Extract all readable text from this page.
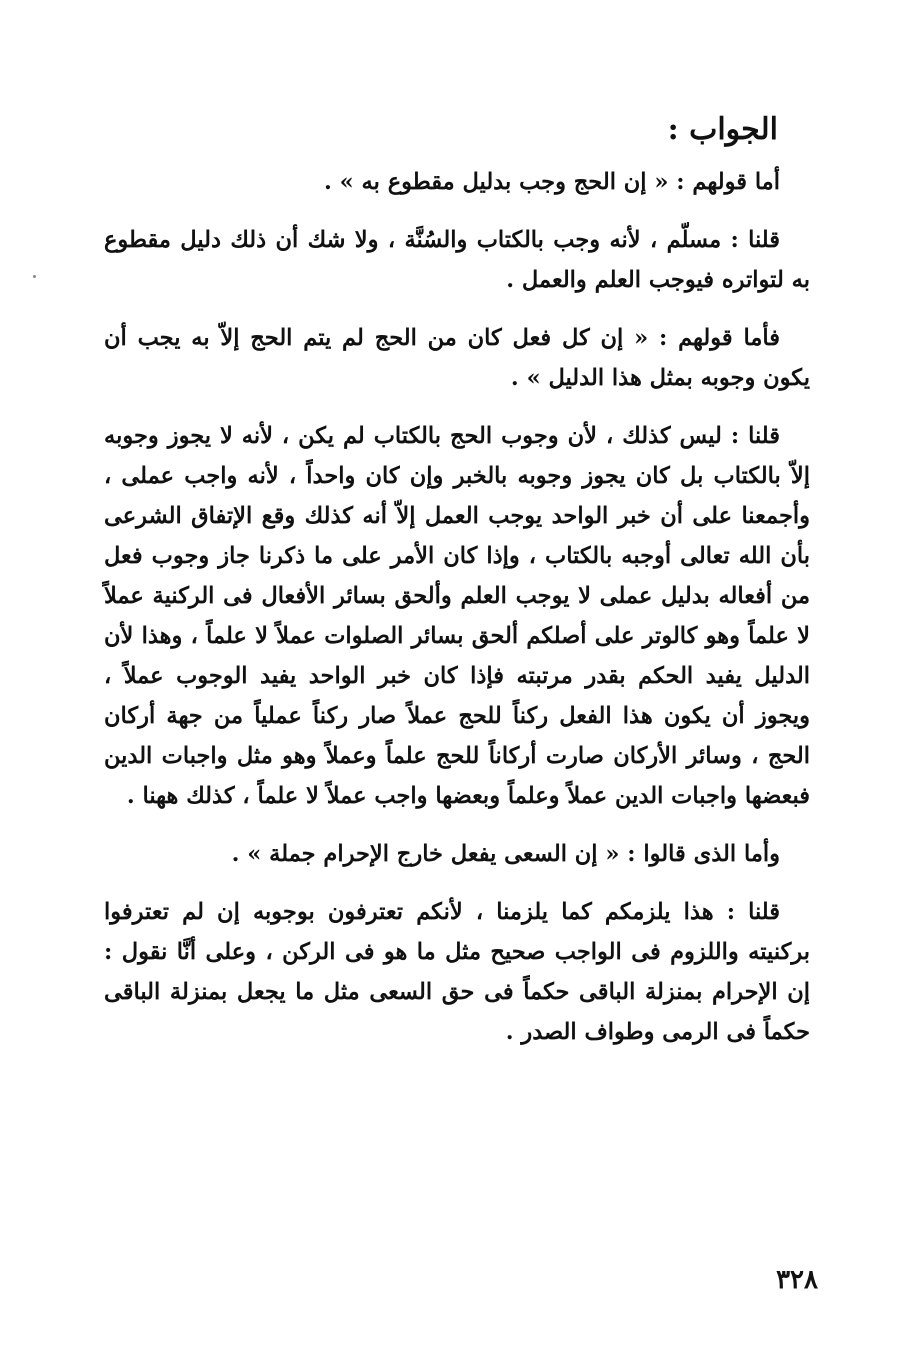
الجواب :

أما قولهم : « إن الحج وجب بدليل مقطوع به » .

قلنا : مسلّم ، لأنه وجب بالكتاب والسُنَّة ، ولا شك أن ذلك دليل مقطوع به لتواتره فيوجب العلم والعمل .

فأما قولهم : « إن كل فعل كان من الحج لم يتم الحج إلاّ به يجب أن يكون وجوبه بمثل هذا الدليل » .

قلنا : ليس كذلك ، لأن وجوب الحج بالكتاب لم يكن ، لأنه لا يجوز وجوبه إلاّ بالكتاب بل كان يجوز وجوبه بالخبر وإن كان واحداً ، لأنه واجب عملى ، وأجمعنا على أن خبر الواحد يوجب العمل إلاّ أنه كذلك وقع الإتفاق الشرعى بأن الله تعالى أوجبه بالكتاب ، وإذا كان الأمر على ما ذكرنا جاز وجوب فعل من أفعاله بدليل عملى لا يوجب العلم وألحق بسائر الأفعال فى الركنية عملاً لا علماً وهو كالوتر على أصلكم ألحق بسائر الصلوات عملاً لا علماً ، وهذا لأن الدليل يفيد الحكم بقدر مرتبته فإذا كان خبر الواحد يفيد الوجوب عملاً ، ويجوز أن يكون هذا الفعل ركناً للحج عملاً صار ركناً عملياً من جهة أركان الحج ، وسائر الأركان صارت أركاناً للحج علماً وعملاً وهو مثل واجبات الدين فبعضها واجبات الدين عملاً وعلماً وبعضها واجب عملاً لا علماً ، كذلك ههنا .

وأما الذى قالوا : « إن السعى يفعل خارج الإحرام جملة » .

قلنا : هذا يلزمكم كما يلزمنا ، لأنكم تعترفون بوجوبه إن لم تعترفوا بركنيته واللزوم فى الواجب صحيح مثل ما هو فى الركن ، وعلى أنَّا نقول : إن الإحرام بمنزلة الباقى حكماً فى حق السعى مثل ما يجعل بمنزلة الباقى حكماً فى الرمى وطواف الصدر .

٣٢٨
